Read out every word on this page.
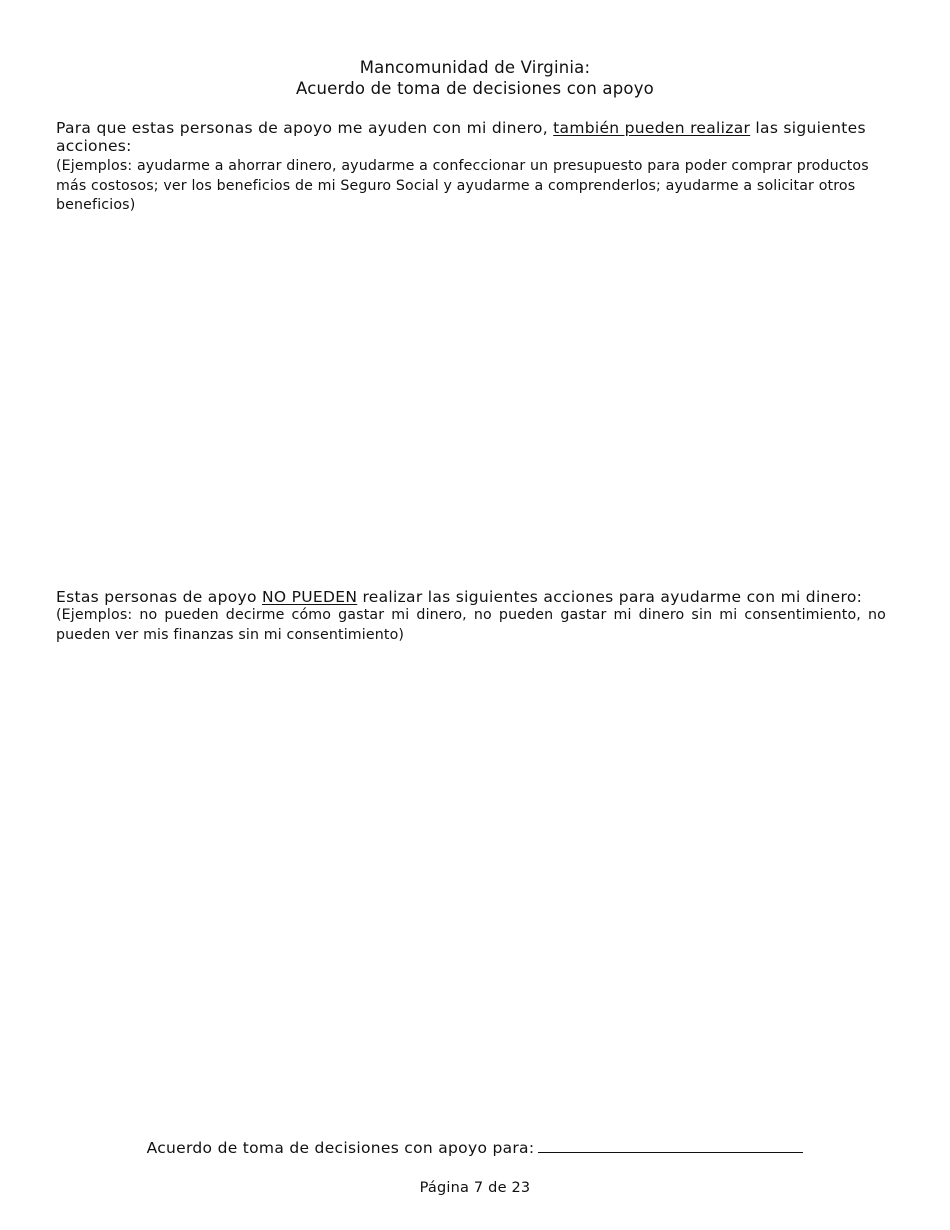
Mancomunidad de Virginia:
Acuerdo de toma de decisiones con apoyo

Para que estas personas de apoyo me ayuden con mi dinero, también pueden realizar las siguientes acciones:

(Ejemplos: ayudarme a ahorrar dinero, ayudarme a confeccionar un presupuesto para poder comprar productos más costosos; ver los beneficios de mi Seguro Social y ayudarme a comprenderlos; ayudarme a solicitar otros beneficios)

Estas personas de apoyo NO PUEDEN realizar las siguientes acciones para ayudarme con mi dinero:

(Ejemplos: no pueden decirme cómo gastar mi dinero, no pueden gastar mi dinero sin mi consentimiento, no pueden ver mis finanzas sin mi consentimiento)

Acuerdo de toma de decisiones con apoyo para:
Página 7 de 23
